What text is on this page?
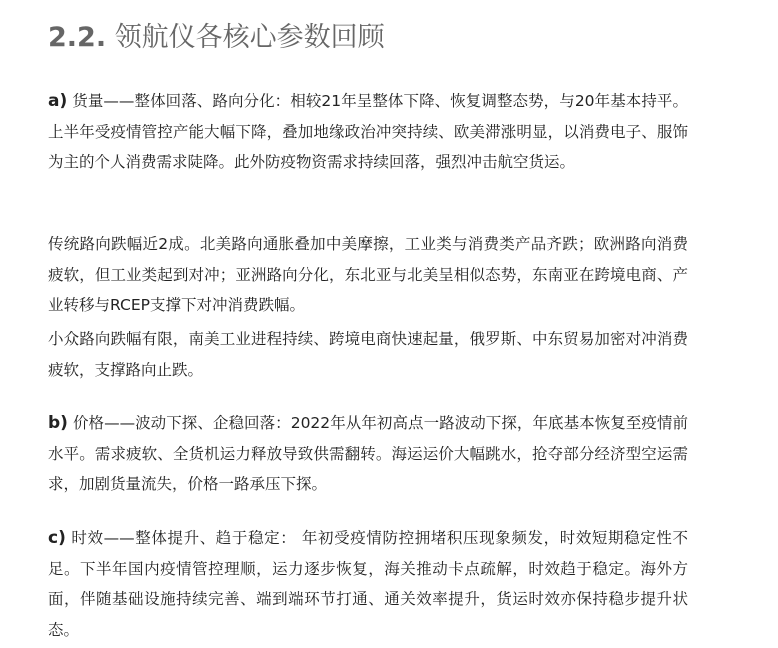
2.2. 领航仪各核心参数回顾

a) 货量——整体回落、路向分化：相较21年呈整体下降、恢复调整态势，与20年基本持平。上半年受疫情管控产能大幅下降，叠加地缘政治冲突持续、欧美滞涨明显，以消费电子、服饰为主的个人消费需求陡降。此外防疫物资需求持续回落，强烈冲击航空货运。

传统路向跌幅近2成。北美路向通胀叠加中美摩擦，工业类与消费类产品齐跌；欧洲路向消费疲软，但工业类起到对冲；亚洲路向分化，东北亚与北美呈相似态势，东南亚在跨境电商、产业转移与RCEP支撑下对冲消费跌幅。

小众路向跌幅有限，南美工业进程持续、跨境电商快速起量，俄罗斯、中东贸易加密对冲消费疲软，支撑路向止跌。

b) 价格——波动下探、企稳回落：2022年从年初高点一路波动下探，年底基本恢复至疫情前水平。需求疲软、全货机运力释放导致供需翻转。海运运价大幅跳水，抢夺部分经济型空运需求，加剧货量流失，价格一路承压下探。

c) 时效——整体提升、趋于稳定： 年初受疫情防控拥堵积压现象频发，时效短期稳定性不足。下半年国内疫情管控理顺，运力逐步恢复，海关推动卡点疏解，时效趋于稳定。海外方面，伴随基础设施持续完善、端到端环节打通、通关效率提升，货运时效亦保持稳步提升状态。
